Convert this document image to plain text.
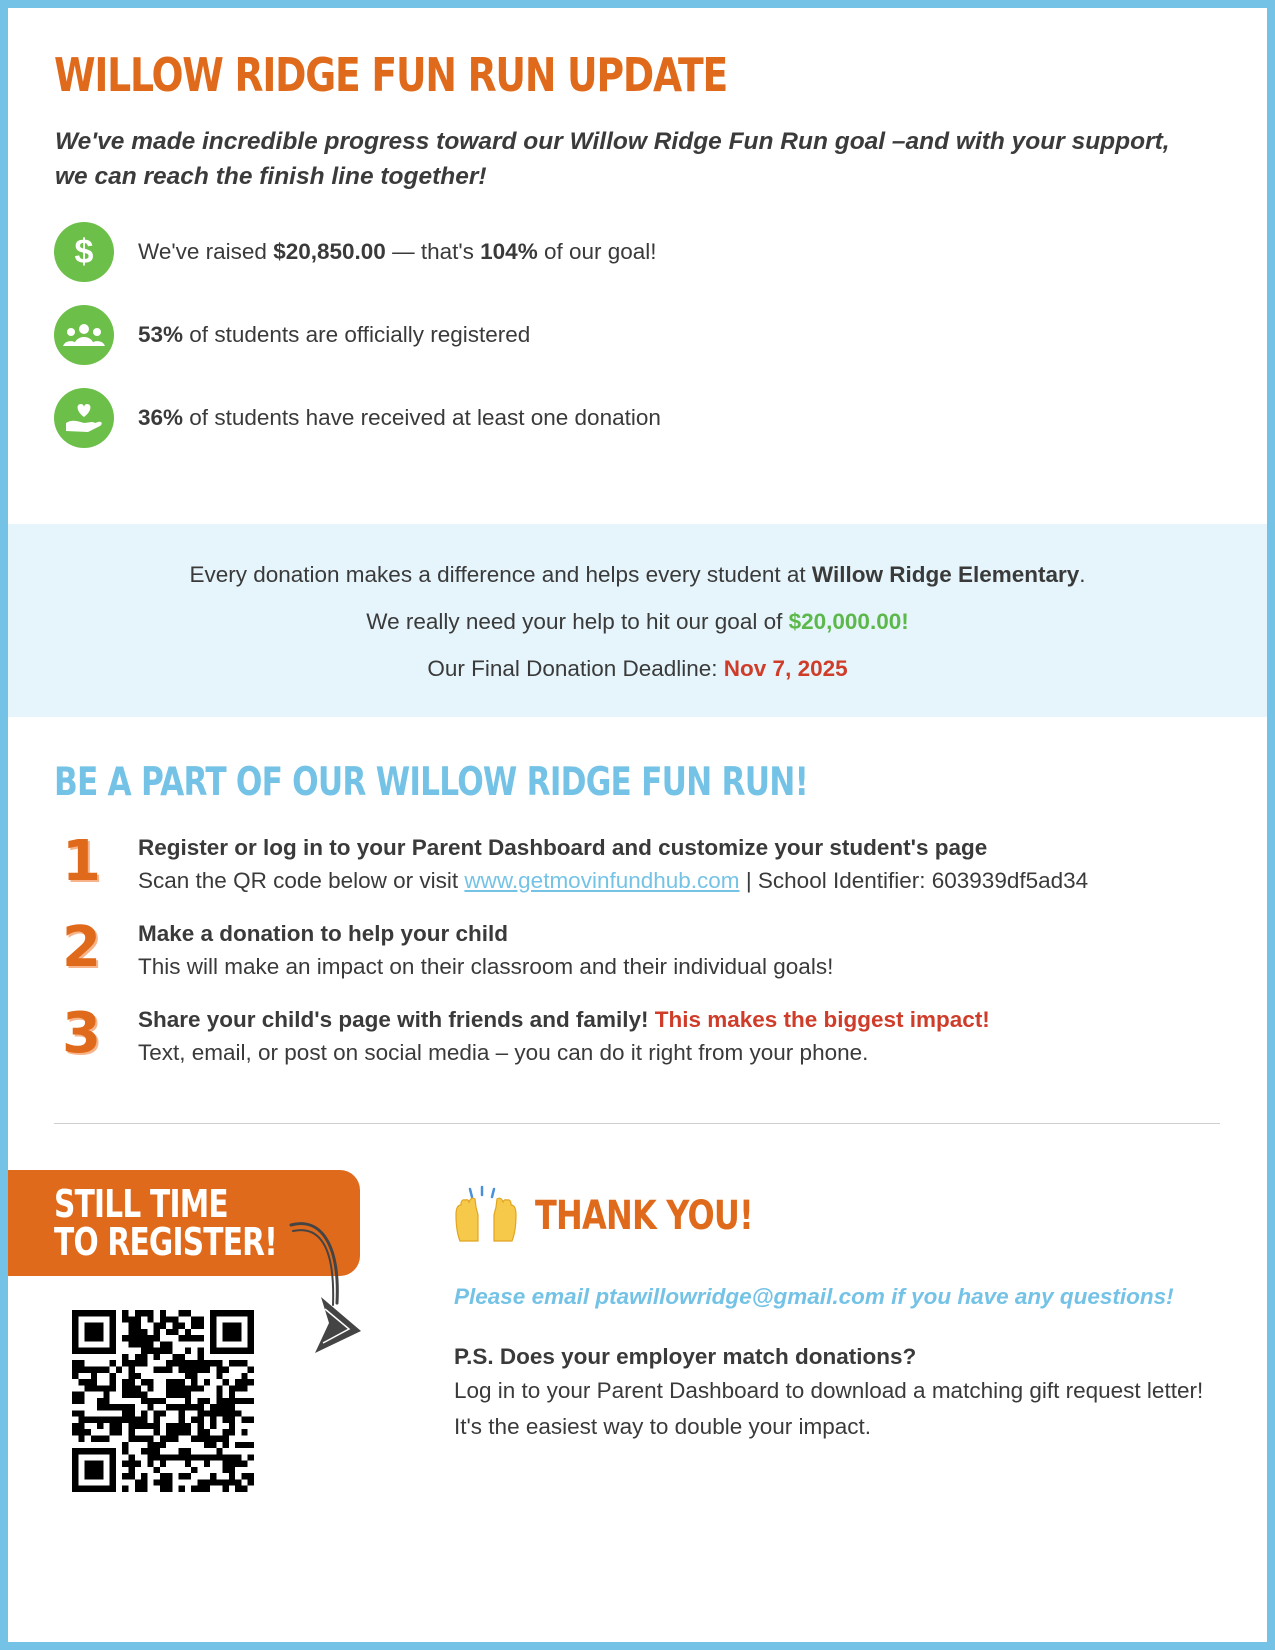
WILLOW RIDGE FUN RUN UPDATE
We've made incredible progress toward our Willow Ridge Fun Run goal –and with your support, we can reach the finish line together!
$ We've raised $20,850.00 — that's 104% of our goal!
53% of students are officially registered
36% of students have received at least one donation
Every donation makes a difference and helps every student at Willow Ridge Elementary.
We really need your help to hit our goal of $20,000.00!
Our Final Donation Deadline: Nov 7, 2025
BE A PART OF OUR WILLOW RIDGE FUN RUN!
1 Register or log in to your Parent Dashboard and customize your student's page
Scan the QR code below or visit www.getmovinfundhub.com | School Identifier: 603939df5ad34
2 Make a donation to help your child
This will make an impact on their classroom and their individual goals!
3 Share your child's page with friends and family! This makes the biggest impact!
Text, email, or post on social media – you can do it right from your phone.
STILL TIME
TO REGISTER!
THANK YOU!
Please email ptawillowridge@gmail.com if you have any questions!
P.S. Does your employer match donations?
Log in to your Parent Dashboard to download a matching gift request letter! It's the easiest way to double your impact.
